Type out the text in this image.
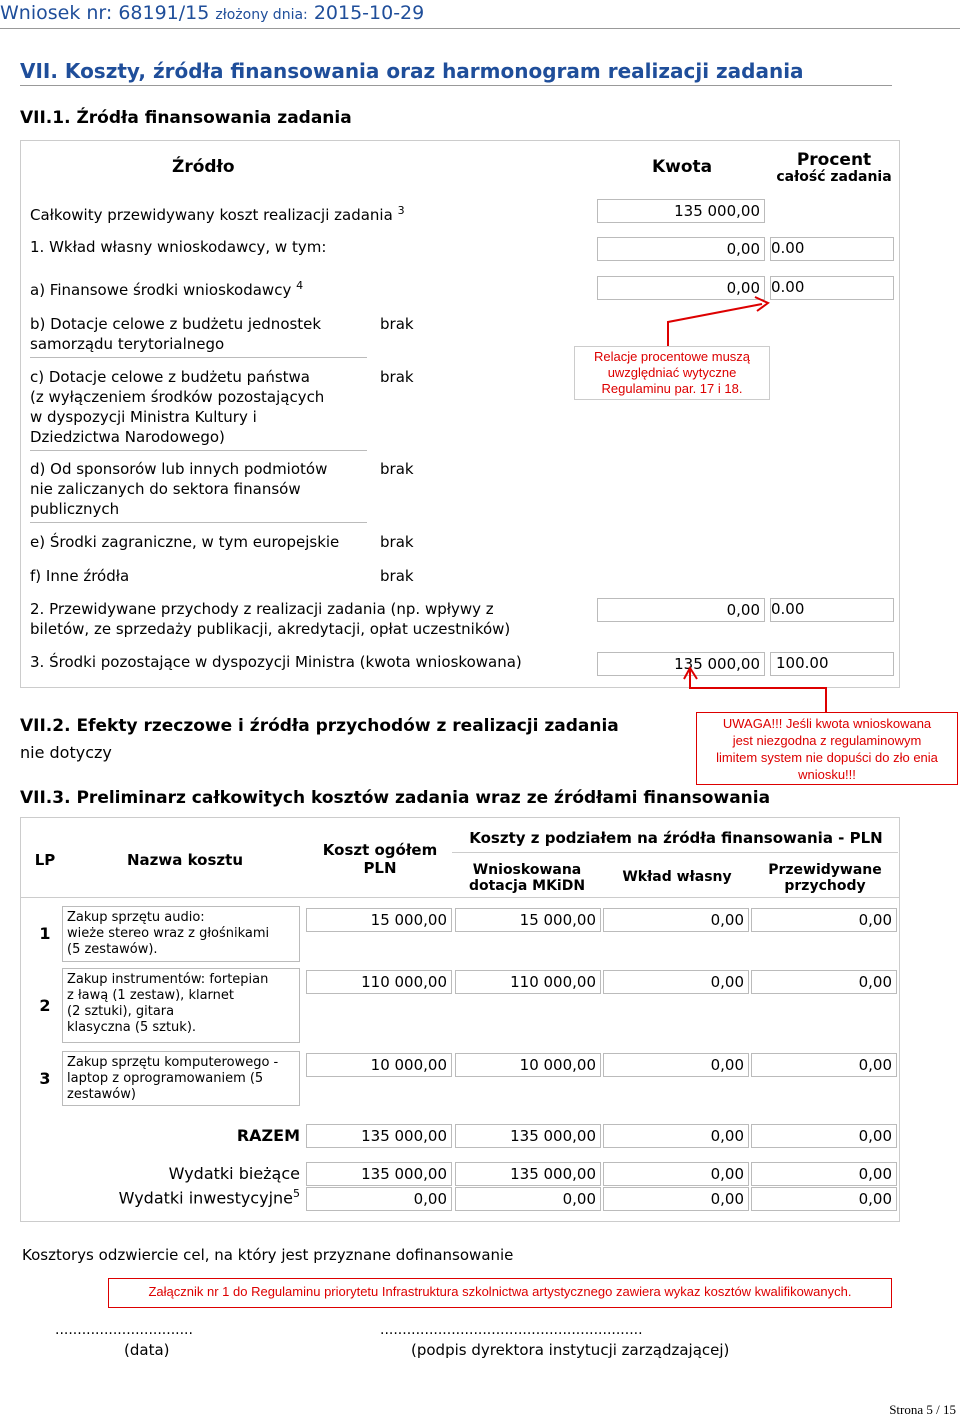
Wniosek nr: 68191/15 złożony dnia: 2015-10-29
VII. Koszty, źródła finansowania oraz harmonogram realizacji zadania
VII.1. Źródła finansowania zadania
Źródło	Kwota	Procent
całość zadania
Całkowity przewidywany koszt realizacji zadania $^3$	135 000,00
1. Wkład własny wnioskodawcy, w tym:	0,00 0.00
a) Finansowe środki wnioskodawcy $^4$	0,00 0.00
b) Dotacje celowe z budżetu jednostek
samorządu terytorialnego
brak
c) Dotacje celowe z budżetu państwa
(z wyłączeniem środków pozostających
w dyspozycji Ministra Kultury i
Dziedzictwa Narodowego)
brak
d) Od sponsorów lub innych podmiotów
nie zaliczanych do sektora finansów
publicznych
brak
e) Środki zagraniczne, w tym europejskie	brak
f) Inne źródła	brak
2. Przewidywane przychody z realizacji zadania (np. wpływy z
biletów, ze sprzedaży publikacji, akredytacji, opłat uczestników)
0,00 0.00
3. Środki pozostające w dyspozycji Ministra (kwota wnioskowana)	135 000,00	100.00
Relacje procentowe muszą
uwzględniać wytyczne
Regulaminu par. 17 i 18.
VII.2. Efekty rzeczowe i źródła przychodów z realizacji zadania
nie dotyczy
UWAGA!!! Jeśli kwota wnioskowana
jest niezgodna z regulaminowym
limitem system nie dopuści do zło enia
wniosku!!!
VII.3. Preliminarz całkowitych kosztów zadania wraz ze źródłami finansowania
LP	Nazwa kosztu
Koszt ogółem
PLN
Koszty z podziałem na źródła finansowania - PLN
Wnioskowana
dotacja MKiDN
Wkład własny	Przewidywane
przychody
1
Zakup sprzętu audio:
wieże stereo wraz z głośnikami
(5 zestawów).
15 000,00	15 000,00	0,00	0,00
2
Zakup instrumentów: fortepian
z ławą (1 zestaw), klarnet
(2 sztuki), gitara
klasyczna (5 sztuk).
110 000,00	110 000,00	0,00	0,00
3
Zakup sprzętu komputerowego -
laptop z oprogramowaniem (5
zestawów)
10 000,00	10 000,00	0,00	0,00
RAZEM	135 000,00	135 000,00	0,00	0,00
Wydatki bieżące	135 000,00	135 000,00	0,00	0,00
Wydatki inwestycyjne$^5$	0,00	0,00	0,00	0,00
Kosztorys odzwiercie cel, na który jest przyznane dofinansowanie
Załącznik nr 1 do Regulaminu priorytetu Infrastruktura szkolnictwa artystycznego zawiera wykaz kosztów kwalifikowanych.
...............................	...........................................................
(data)	(podpis dyrektora instytucji zarządzającej)
Strona 5 / 15
